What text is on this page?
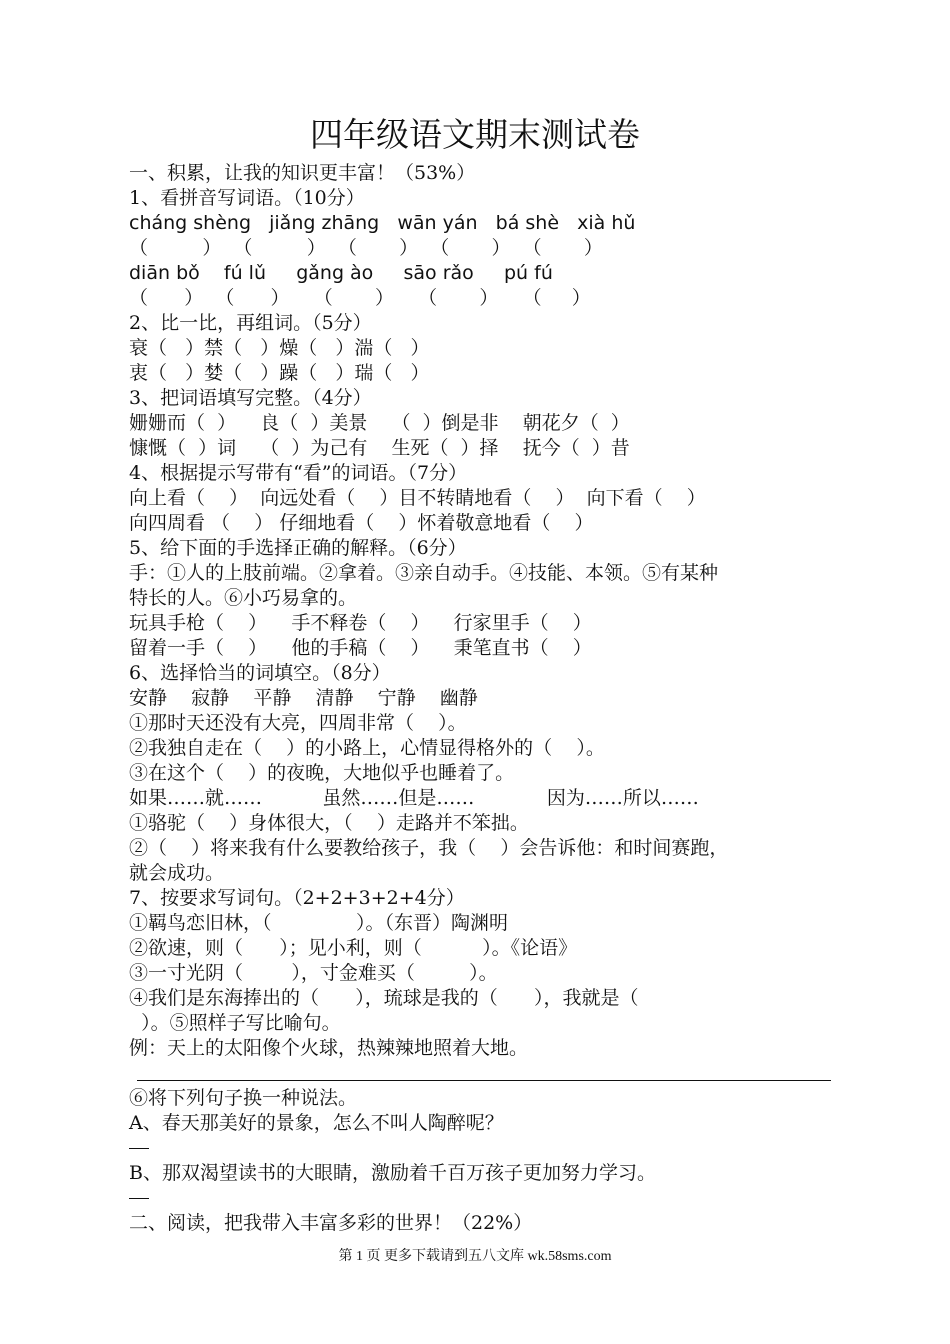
四年级语文期末测试卷
一、积累，让我的知识更丰富！（53%）
1、看拼音写词语。（10分）
cháng shèng   jiǎng zhāng   wān yán   bá shè   xià hǔ
（         ）  （         ）  （       ）  （       ）  （       ）
diān bǒ    fú lǔ     gǎng ào     sāo rǎo     pú fú
（      ）  （      ）    （       ）    （       ）    （     ）
2、比一比，再组词。（5分）
衰（   ）禁（   ）燥（   ）湍（   ）
衷（   ）婪（   ）躁（   ）瑞（   ）
3、把词语填写完整。（4分）
姗姗而（  ）    良（  ）美景    （  ）倒是非    朝花夕（  ）
慷慨（  ）词    （  ）为己有    生死（  ）择    抚今（  ）昔
4、根据提示写带有“看”的词语。（7分）
向上看（    ）  向远处看（    ）目不转睛地看（    ）  向下看（    ）
向四周看 （    ） 仔细地看（    ）怀着敬意地看（    ）
5、给下面的手选择正确的解释。（6分）
手：①人的上肢前端。②拿着。③亲自动手。④技能、本领。⑤有某种
特长的人。⑥小巧易拿的。
玩具手枪（    ）    手不释卷（    ）    行家里手（    ）
留着一手（    ）    他的手稿（    ）    秉笔直书（    ）
6、选择恰当的词填空。（8分）
安静    寂静    平静    清静    宁静    幽静
①那时天还没有大亮，四周非常（    ）。
②我独自走在（    ）的小路上，心情显得格外的（    ）。
③在这个（    ）的夜晚，大地似乎也睡着了。
如果……就……          虽然……但是……            因为……所以……
①骆驼（    ）身体很大，（    ）走路并不笨拙。
②（    ）将来我有什么要教给孩子，我（    ）会告诉他：和时间赛跑，
就会成功。
7、按要求写词句。（2+2+3+2+4分）
①羁鸟恋旧林，（              ）。（东晋）陶渊明
②欲速，则（      ）；见小利，则（          ）。《论语》
③一寸光阴（        ），寸金难买（         ）。
④我们是东海捧出的（      ），琉球是我的（      ），我就是（
）。⑤照样子写比喻句。
例：天上的太阳像个火球，热辣辣地照着大地。
⑥将下列句子换一种说法。
A、春天那美好的景象，怎么不叫人陶醉呢？
B、那双渴望读书的大眼睛，激励着千百万孩子更加努力学习。
二、阅读，把我带入丰富多彩的世界！（22%）
第 1 页 更多下载请到五八文库 wk.58sms.com
